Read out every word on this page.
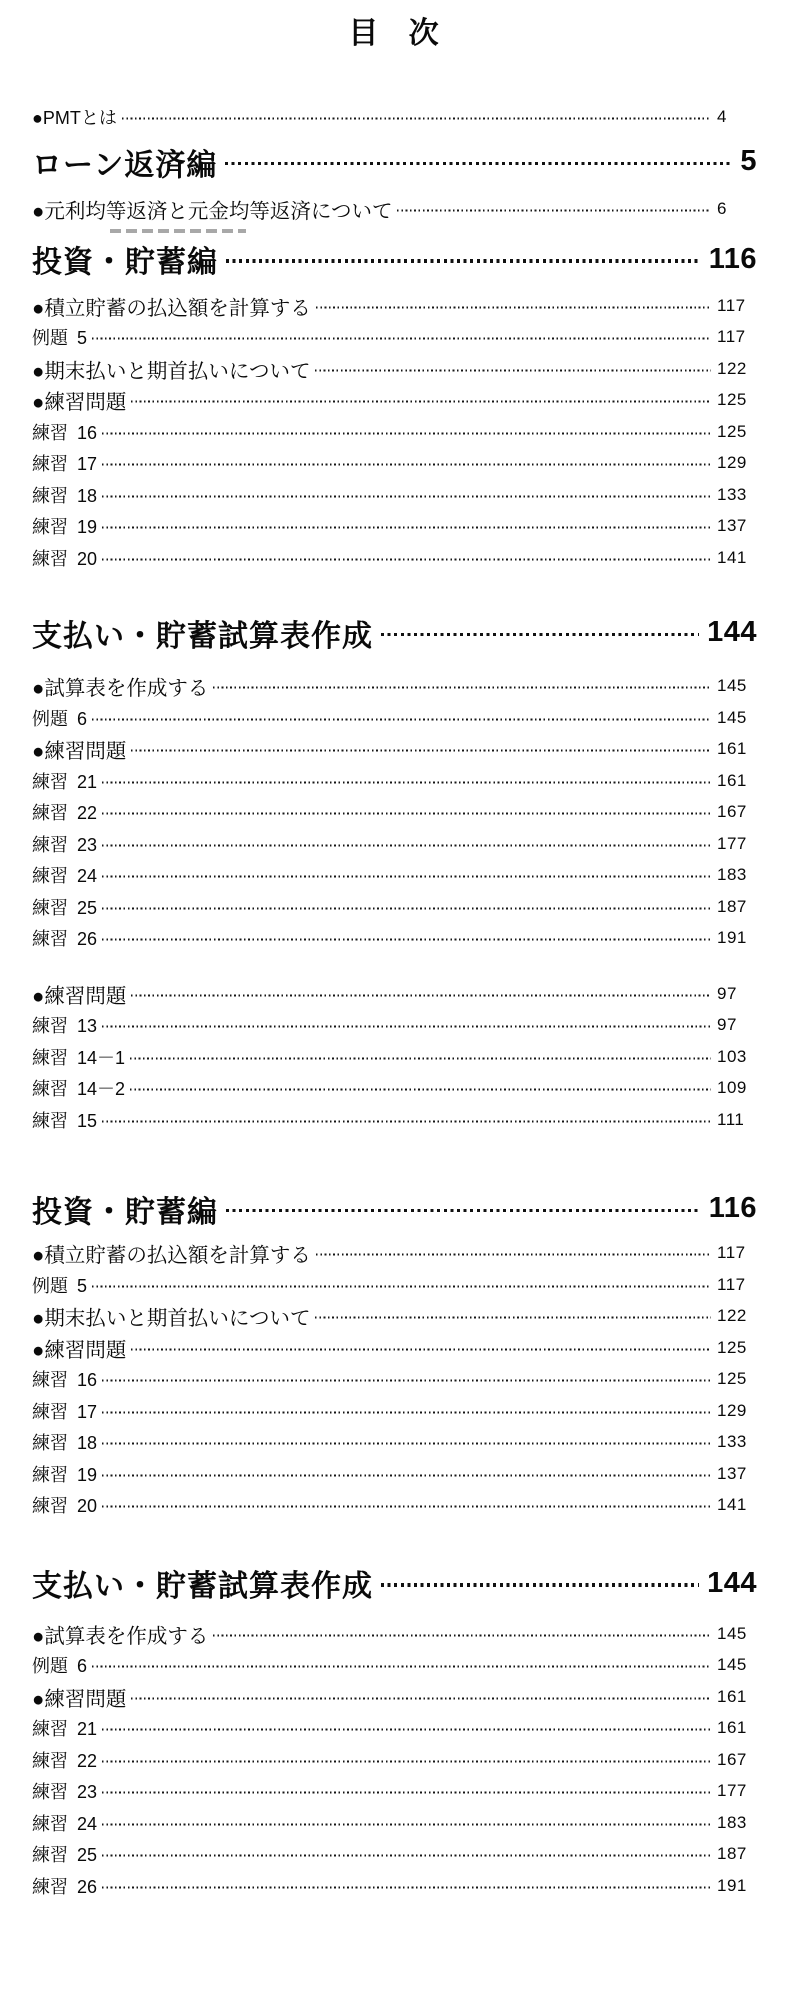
目 次
●PMTとは	4
ローン返済編	5
●元利均等返済と元金均等返済について	6
投資・貯蓄編	116
●積立貯蓄の払込額を計算する	117
例題 5	117
●期末払いと期首払いについて	122
●練習問題	125
練習 16	125
練習 17	129
練習 18	133
練習 19	137
練習 20	141
支払い・貯蓄試算表作成	144
●試算表を作成する	145
例題 6	145
●練習問題	161
練習 21	161
練習 22	167
練習 23	177
練習 24	183
練習 25	187
練習 26	191
●練習問題	97
練習 13	97
練習 14－1	103
練習 14－2	109
練習 15	111
投資・貯蓄編	116
●積立貯蓄の払込額を計算する	117
例題 5	117
●期末払いと期首払いについて	122
●練習問題	125
練習 16	125
練習 17	129
練習 18	133
練習 19	137
練習 20	141
支払い・貯蓄試算表作成	144
●試算表を作成する	145
例題 6	145
●練習問題	161
練習 21	161
練習 22	167
練習 23	177
練習 24	183
練習 25	187
練習 26	191
